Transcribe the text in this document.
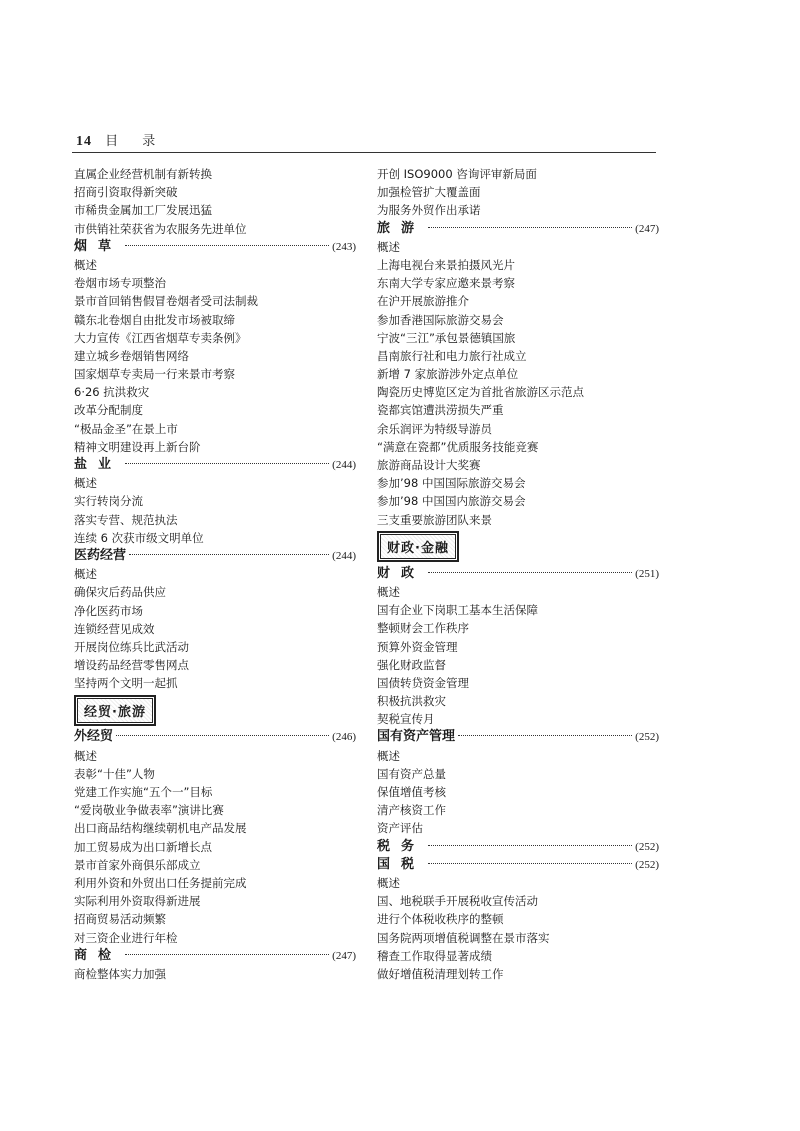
14 目 录
直属企业经营机制有新转换
招商引资取得新突破
市稀贵金属加工厂发展迅猛
市供销社荣获省为农服务先进单位
烟草	(243)
概述
卷烟市场专项整治
景市首回销售假冒卷烟者受司法制裁
赣东北卷烟自由批发市场被取缔
大力宣传《江西省烟草专卖条例》
建立城乡卷烟销售网络
国家烟草专卖局一行来景市考察
6·26 抗洪救灾
改革分配制度
“极品金圣”在景上市
精神文明建设再上新台阶
盐业	(244)
概述
实行转岗分流
落实专营、规范执法
连续 6 次获市级文明单位
医药经营	(244)
概述
确保灾后药品供应
净化医药市场
连锁经营见成效
开展岗位练兵比武活动
增设药品经营零售网点
坚持两个文明一起抓
经贸·旅游
外经贸	(246)
概述
表彰“十佳”人物
党建工作实施“五个一”目标
“爱岗敬业争做表率”演讲比赛
出口商品结构继续朝机电产品发展
加工贸易成为出口新增长点
景市首家外商俱乐部成立
利用外资和外贸出口任务提前完成
实际利用外资取得新进展
招商贸易活动频繁
对三资企业进行年检
商检	(247)
商检整体实力加强
开创 ISO9000 咨询评审新局面
加强检管扩大覆盖面
为服务外贸作出承诺
旅游	(247)
概述
上海电视台来景拍摄风光片
东南大学专家应邀来景考察
在沪开展旅游推介
参加香港国际旅游交易会
宁波“三江”承包景德镇国旅
昌南旅行社和电力旅行社成立
新增 7 家旅游涉外定点单位
陶瓷历史博览区定为首批省旅游区示范点
瓷都宾馆遭洪涝损失严重
余乐润评为特级导游员
“满意在瓷都”优质服务技能竞赛
旅游商品设计大奖赛
参加’98 中国国际旅游交易会
参加’98 中国国内旅游交易会
三支重要旅游团队来景
财政·金融
财政	(251)
概述
国有企业下岗职工基本生活保障
整顿财会工作秩序
预算外资金管理
强化财政监督
国债转贷资金管理
积极抗洪救灾
契税宣传月
国有资产管理	(252)
概述
国有资产总量
保值增值考核
清产核资工作
资产评估
税务	(252)
国税	(252)
概述
国、地税联手开展税收宣传活动
进行个体税收秩序的整顿
国务院两项增值税调整在景市落实
稽查工作取得显著成绩
做好增值税清理划转工作
